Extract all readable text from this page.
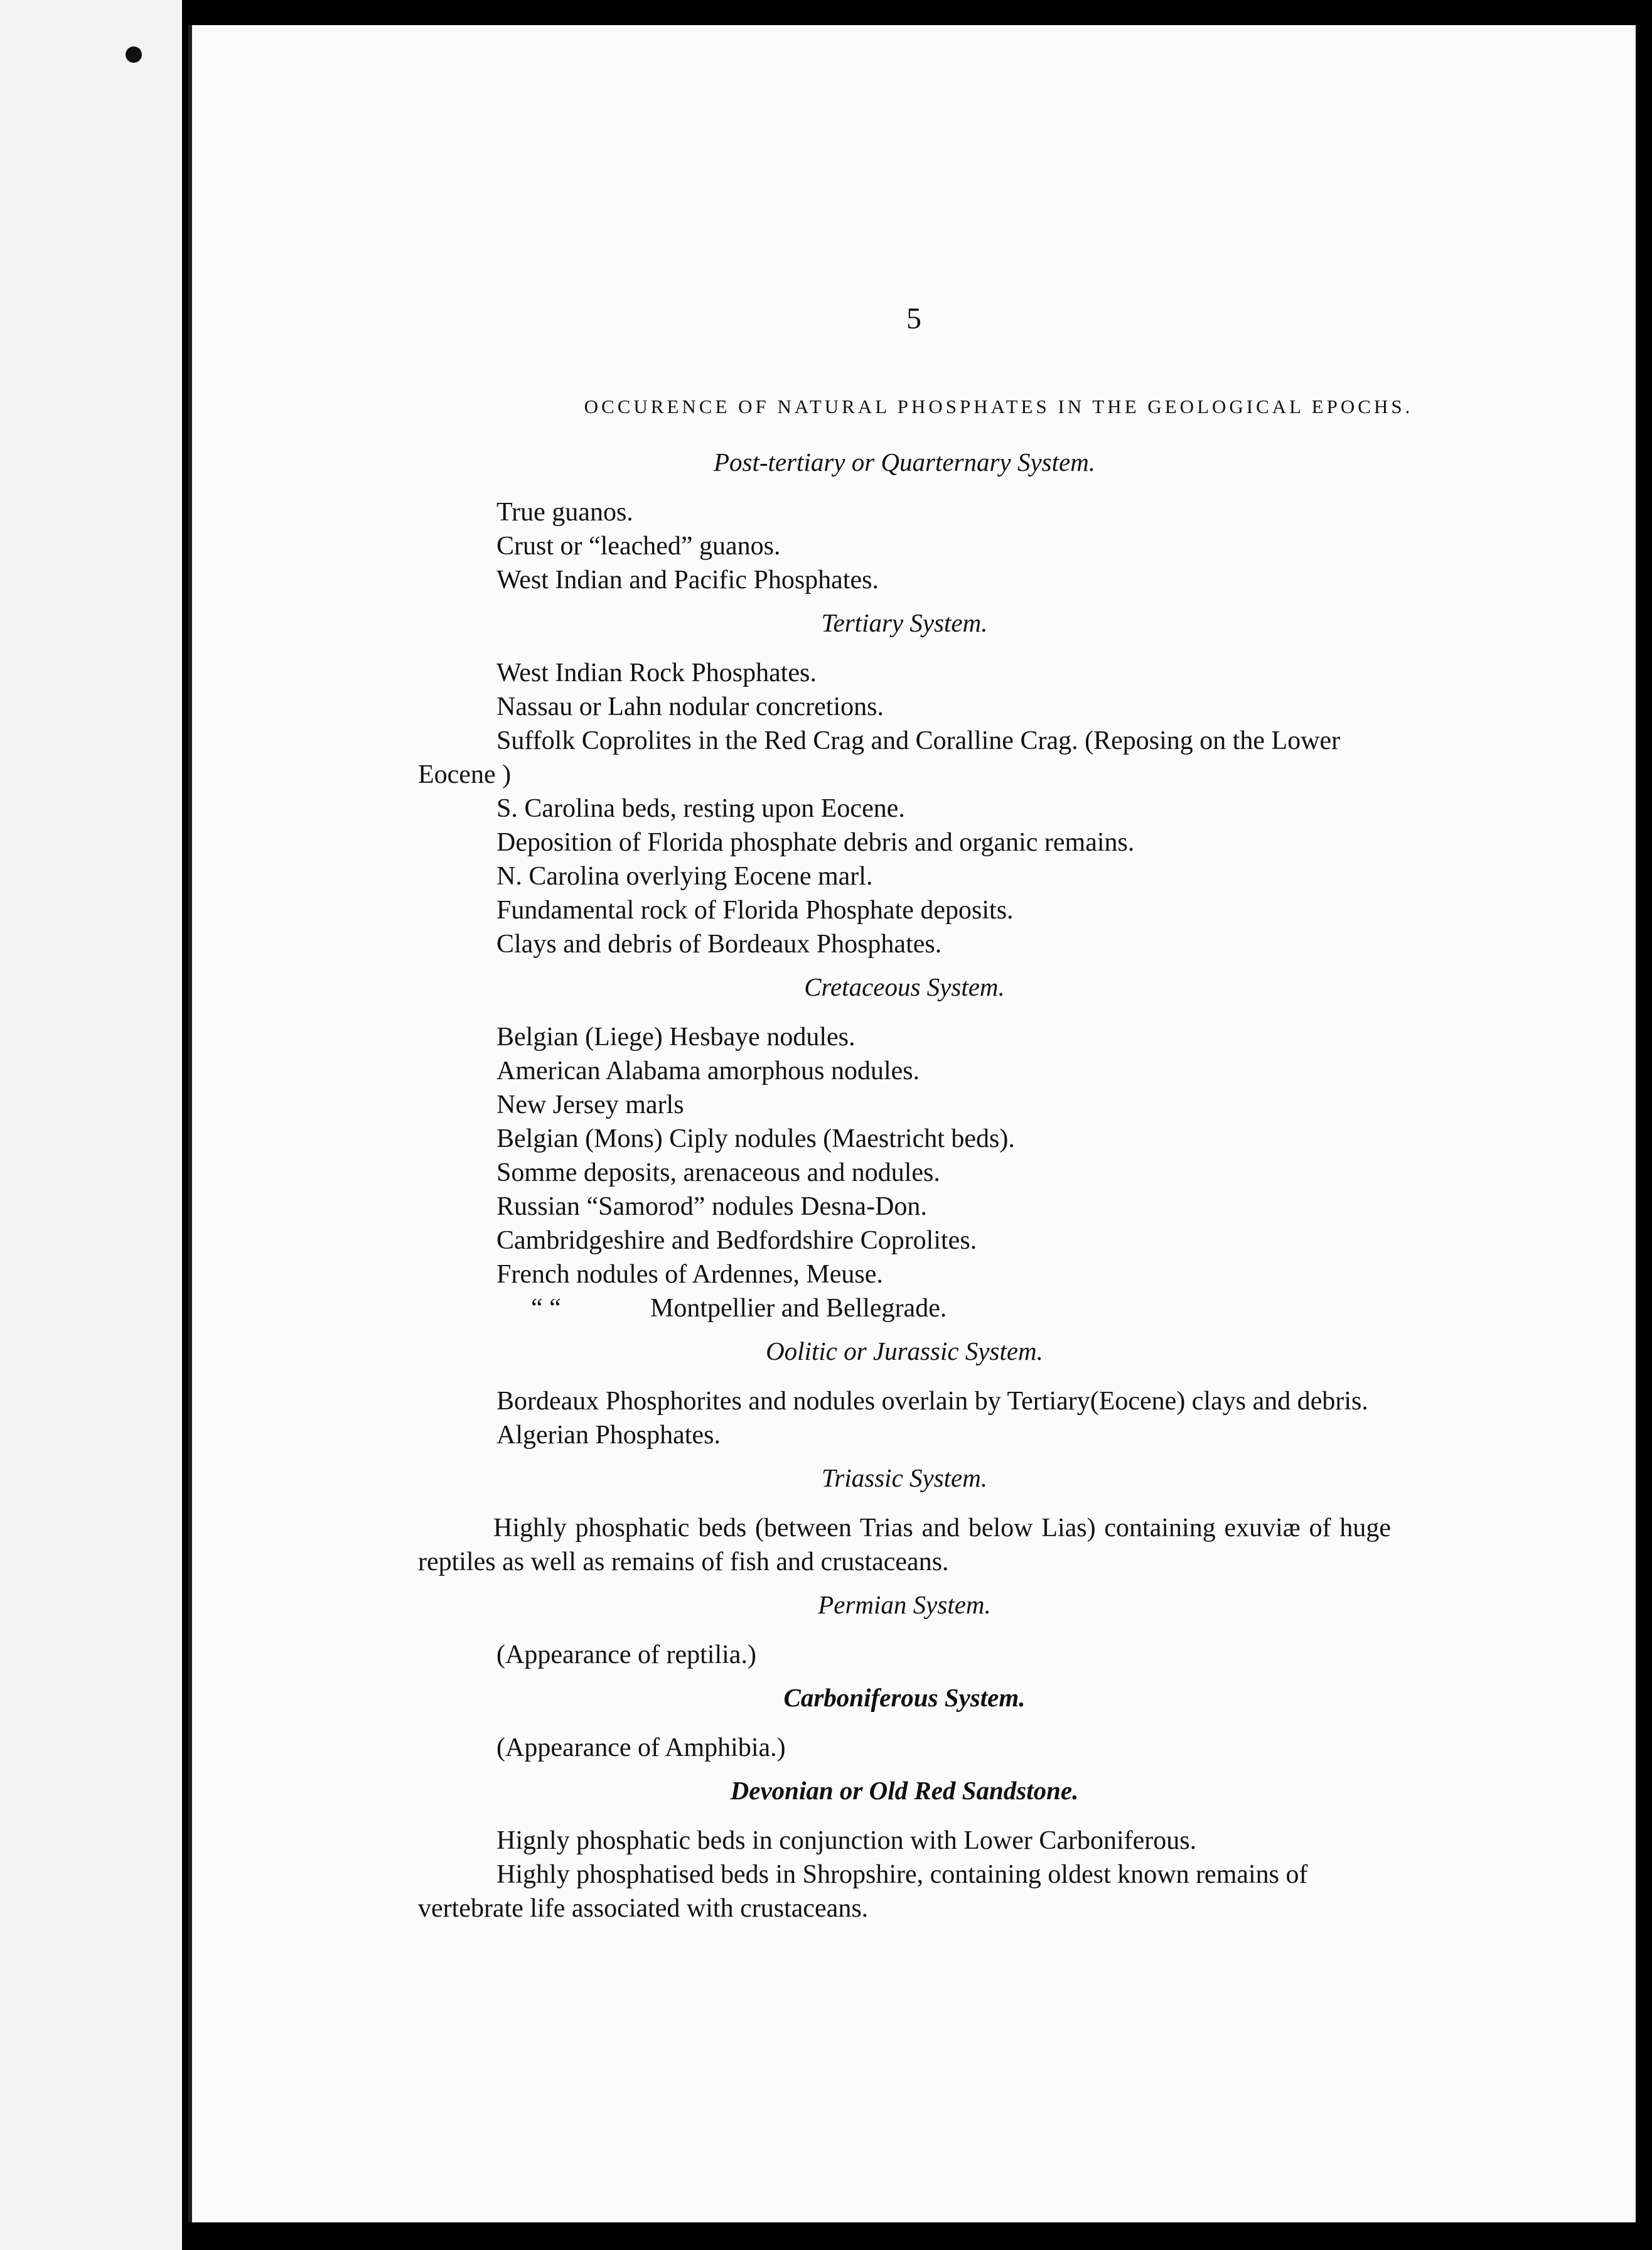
5
OCCURENCE OF NATURAL PHOSPHATES IN THE GEOLOGICAL EPOCHS.
Post-tertiary or Quarternary System.
True guanos.
Crust or “leached” guanos.
West Indian and Pacific Phosphates.
Tertiary System.
West Indian Rock Phosphates.
Nassau or Lahn nodular concretions.
Suffolk Coprolites in the Red Crag and Coralline Crag. (Reposing on the Lower Eocene )
S. Carolina beds, resting upon Eocene.
Deposition of Florida phosphate debris and organic remains.
N. Carolina overlying Eocene marl.
Fundamental rock of Florida Phosphate deposits.
Clays and debris of Bordeaux Phosphates.
Cretaceous System.
Belgian (Liege) Hesbaye nodules.
American Alabama amorphous nodules.
New Jersey marls
Belgian (Mons) Ciply nodules (Maestricht beds).
Somme deposits, arenaceous and nodules.
Russian “Samorod” nodules Desna-Don.
Cambridgeshire and Bedfordshire Coprolites.
French nodules of Ardennes, Meuse.
“ “	Montpellier and Bellegrade.
Oolitic or Jurassic System.
Bordeaux Phosphorites and nodules overlain by Tertiary(Eocene) clays and debris.
Algerian Phosphates.
Triassic System.
Highly phosphatic beds (between Trias and below Lias) containing exuviæ of huge reptiles as well as remains of fish and crustaceans.
Permian System.
(Appearance of reptilia.)
Carboniferous System.
(Appearance of Amphibia.)
Devonian or Old Red Sandstone.
Hignly phosphatic beds in conjunction with Lower Carboniferous.
Highly phosphatised beds in Shropshire, containing oldest known remains of vertebrate life associated with crustaceans.
